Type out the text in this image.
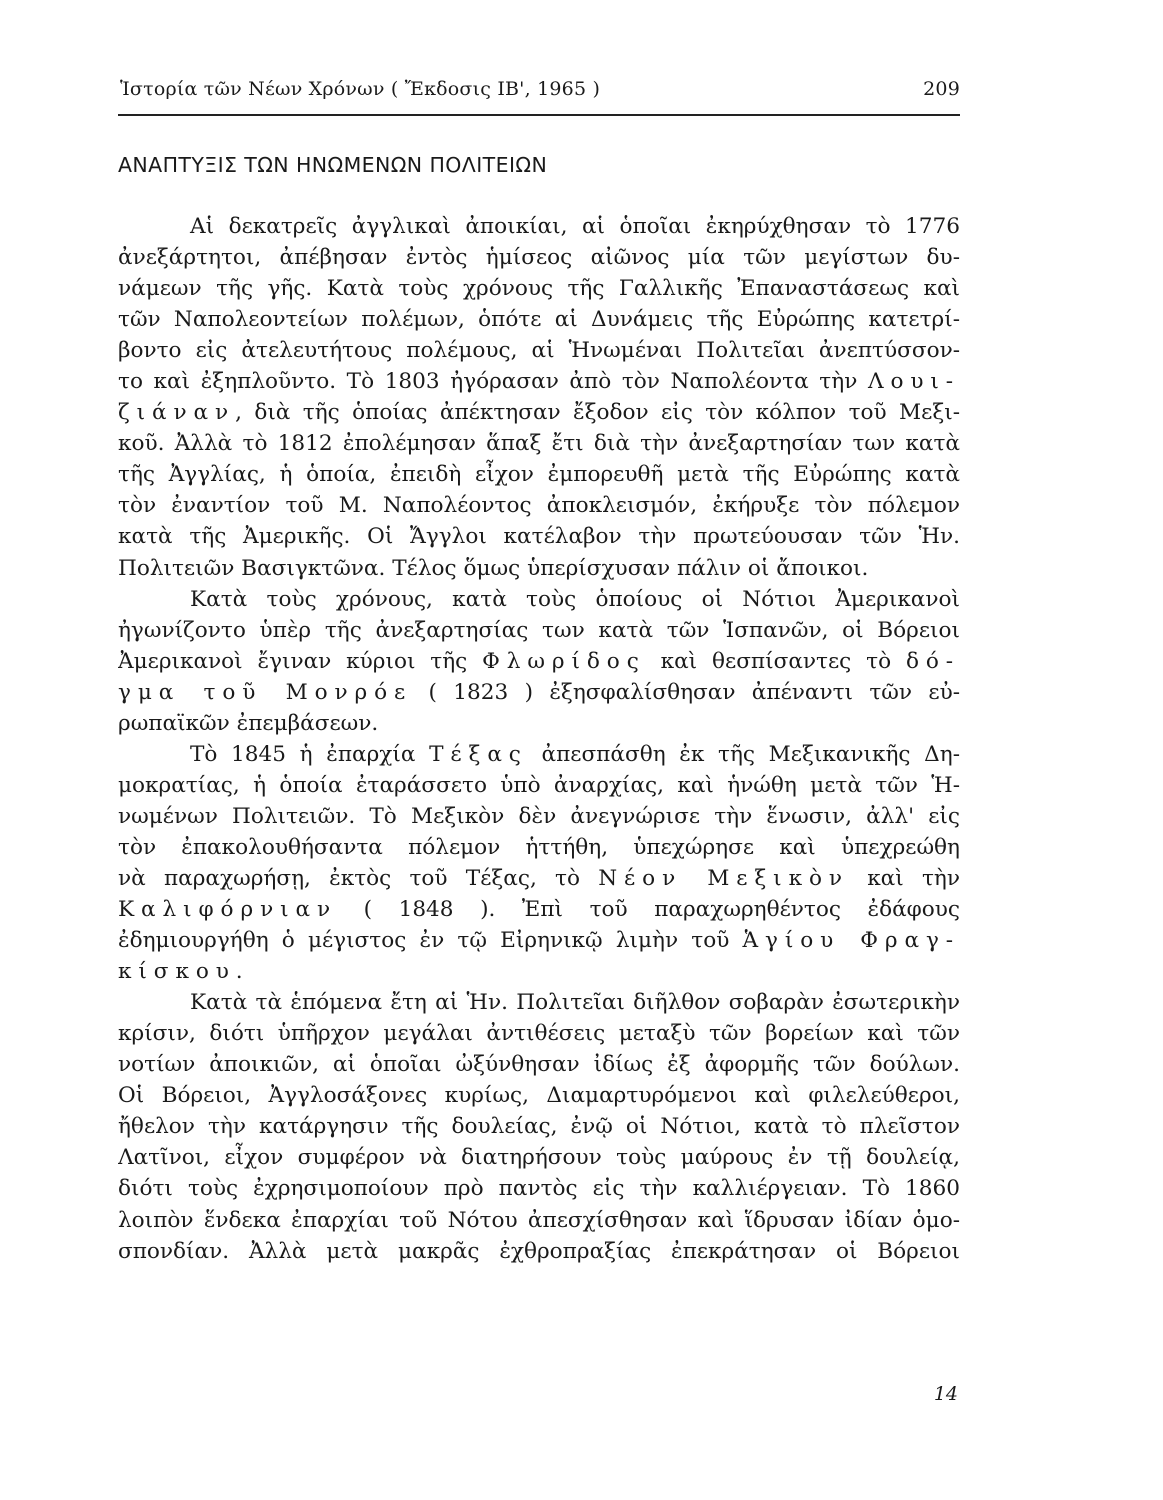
Ἱστορία τῶν Νέων Χρόνων ( Ἔκδοσις ΙΒ', 1965 )	209
ΑΝΑΠΤΥΞΙΣ ΤΩΝ ΗΝΩΜΕΝΩΝ ΠΟΛΙΤΕΙΩΝ
Αἱ δεκατρεῖς ἀγγλικαὶ ἀποικίαι, αἱ ὁποῖαι ἐκηρύχθησαν τὸ 1776
ἀνεξάρτητοι, ἀπέβησαν ἐντὸς ἡμίσεος αἰῶνος μία τῶν μεγίστων δυ-
νάμεων τῆς γῆς. Κατὰ τοὺς χρόνους τῆς Γαλλικῆς Ἐπαναστάσεως καὶ
τῶν Ναπολεοντείων πολέμων, ὁπότε αἱ Δυνάμεις τῆς Εὐρώπης κατετρί-
βοντο εἰς ἀτελευτήτους πολέμους, αἱ Ἡνωμέναι Πολιτεῖαι ἀνεπτύσσον-
το καὶ ἐξηπλοῦντο. Τὸ 1803 ἠγόρασαν ἀπὸ τὸν Ναπολέοντα τὴν Λουι-
ζιάναν, διὰ τῆς ὁποίας ἀπέκτησαν ἔξοδον εἰς τὸν κόλπον τοῦ Μεξι-
κοῦ. Ἀλλὰ τὸ 1812 ἐπολέμησαν ἅπαξ ἔτι διὰ τὴν ἀνεξαρτησίαν των κατὰ
τῆς Ἀγγλίας, ἡ ὁποία, ἐπειδὴ εἶχον ἐμπορευθῆ μετὰ τῆς Εὐρώπης κατὰ
τὸν ἐναντίον τοῦ Μ. Ναπολέοντος ἀποκλεισμόν, ἐκήρυξε τὸν πόλεμον
κατὰ τῆς Ἀμερικῆς. Οἱ Ἄγγλοι κατέλαβον τὴν πρωτεύουσαν τῶν Ἡν.
Πολιτειῶν Βασιγκτῶνα. Τέλος ὅμως ὑπερίσχυσαν πάλιν οἱ ἄποικοι.
Κατὰ τοὺς χρόνους, κατὰ τοὺς ὁποίους οἱ Νότιοι Ἀμερικανοὶ
ἠγωνίζοντο ὑπὲρ τῆς ἀνεξαρτησίας των κατὰ τῶν Ἱσπανῶν, οἱ Βόρειοι
Ἀμερικανοὶ ἔγιναν κύριοι τῆς Φλωρίδος καὶ θεσπίσαντες τὸ δό-
γμα τοῦ Μονρόε ( 1823 ) ἐξησφαλίσθησαν ἀπέναντι τῶν εὐ-
ρωπαϊκῶν ἐπεμβάσεων.
Τὸ 1845 ἡ ἐπαρχία Τέξας ἀπεσπάσθη ἐκ τῆς Μεξικανικῆς Δη-
μοκρατίας, ἡ ὁποία ἐταράσσετο ὑπὸ ἀναρχίας, καὶ ἡνώθη μετὰ τῶν Ἡ-
νωμένων Πολιτειῶν. Τὸ Μεξικὸν δὲν ἀνεγνώρισε τὴν ἕνωσιν, ἀλλ' εἰς
τὸν ἐπακολουθήσαντα πόλεμον ἡττήθη, ὑπεχώρησε καὶ ὑπεχρεώθη
νὰ παραχωρήσῃ, ἐκτὸς τοῦ Τέξας, τὸ Νέον Μεξικὸν καὶ τὴν
Καλιφόρνιαν ( 1848 ). Ἐπὶ τοῦ παραχωρηθέντος ἐδάφους
ἐδημιουργήθη ὁ μέγιστος ἐν τῷ Εἰρηνικῷ λιμὴν τοῦ Ἁγίου Φραγ-
κίσκου.
Κατὰ τὰ ἑπόμενα ἔτη αἱ Ἡν. Πολιτεῖαι διῆλθον σοβαρὰν ἐσωτερικὴν
κρίσιν, διότι ὑπῆρχον μεγάλαι ἀντιθέσεις μεταξὺ τῶν βορείων καὶ τῶν
νοτίων ἀποικιῶν, αἱ ὁποῖαι ὠξύνθησαν ἰδίως ἐξ ἀφορμῆς τῶν δούλων.
Οἱ Βόρειοι, Ἀγγλοσάξονες κυρίως, Διαμαρτυρόμενοι καὶ φιλελεύθεροι,
ἤθελον τὴν κατάργησιν τῆς δουλείας, ἐνῷ οἱ Νότιοι, κατὰ τὸ πλεῖστον
Λατῖνοι, εἶχον συμφέρον νὰ διατηρήσουν τοὺς μαύρους ἐν τῇ δουλείᾳ,
διότι τοὺς ἐχρησιμοποίουν πρὸ παντὸς εἰς τὴν καλλιέργειαν. Τὸ 1860
λοιπὸν ἕνδεκα ἐπαρχίαι τοῦ Νότου ἀπεσχίσθησαν καὶ ἵδρυσαν ἰδίαν ὁμο-
σπονδίαν. Ἀλλὰ μετὰ μακρᾶς ἐχθροπραξίας ἐπεκράτησαν οἱ Βόρειοι
14
